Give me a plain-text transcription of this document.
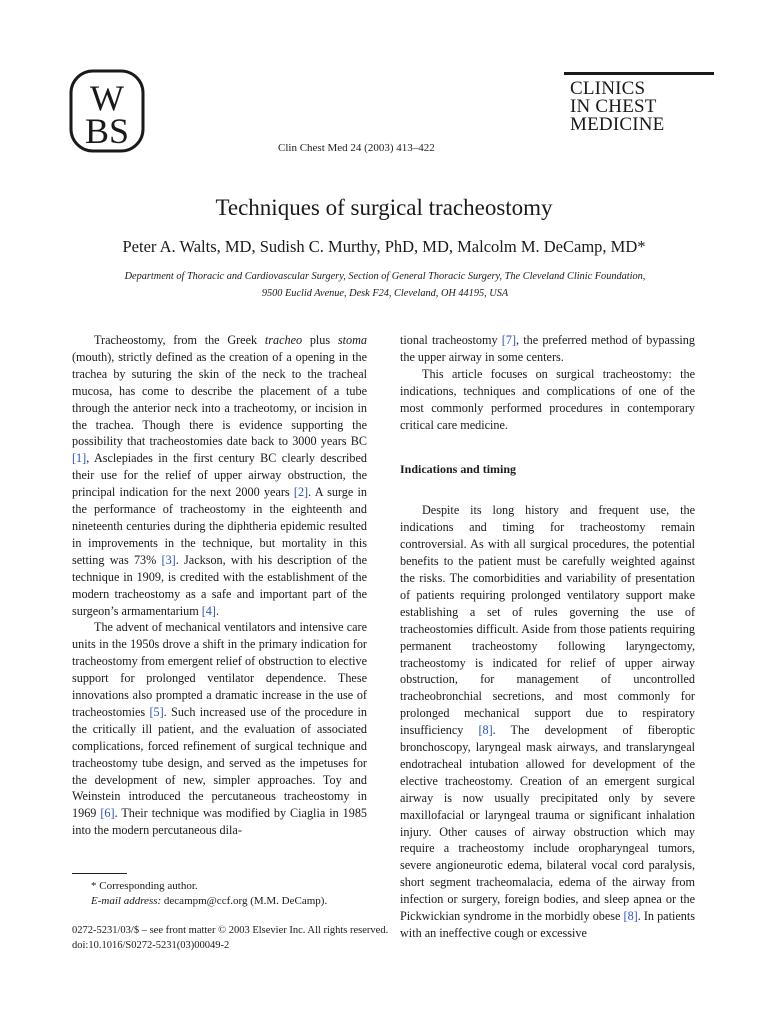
W
BS
CLINICS
IN CHEST
MEDICINE
Clin Chest Med 24 (2003) 413–422
Techniques of surgical tracheostomy
Peter A. Walts, MD, Sudish C. Murthy, PhD, MD, Malcolm M. DeCamp, MD*
Department of Thoracic and Cardiovascular Surgery, Section of General Thoracic Surgery, The Cleveland Clinic Foundation,
9500 Euclid Avenue, Desk F24, Cleveland, OH 44195, USA

Tracheostomy, from the Greek tracheo plus stoma (mouth), strictly defined as the creation of a opening in the trachea by suturing the skin of the neck to the tracheal mucosa, has come to describe the placement of a tube through the anterior neck into a tracheotomy, or incision in the trachea. Though there is evidence supporting the possibility that tracheostomies date back to 3000 years BC [1], Asclepiades in the first century BC clearly described their use for the relief of upper airway obstruction, the principal indication for the next 2000 years [2]. A surge in the performance of tracheostomy in the eighteenth and nineteenth centuries during the diphtheria epidemic resulted in improvements in the technique, but mortality in this setting was 73% [3]. Jackson, with his description of the technique in 1909, is credited with the establishment of the modern tracheostomy as a safe and important part of the surgeon’s armamentarium [4].

The advent of mechanical ventilators and intensive care units in the 1950s drove a shift in the primary indication for tracheostomy from emergent relief of obstruction to elective support for prolonged ventilator dependence. These innovations also prompted a dramatic increase in the use of tracheostomies [5]. Such increased use of the procedure in the critically ill patient, and the evaluation of associated complications, forced refinement of surgical technique and tracheostomy tube design, and served as the impetuses for the development of new, simpler approaches. Toy and Weinstein introduced the percutaneous tracheostomy in 1969 [6]. Their technique was modified by Ciaglia in 1985 into the modern percutaneous dila-

tional tracheostomy [7], the preferred method of bypassing the upper airway in some centers.

This article focuses on surgical tracheostomy: the indications, techniques and complications of one of the most commonly performed procedures in contemporary critical care medicine.

Indications and timing

Despite its long history and frequent use, the indications and timing for tracheostomy remain controversial. As with all surgical procedures, the potential benefits to the patient must be carefully weighted against the risks. The comorbidities and variability of presentation of patients requiring prolonged ventilatory support make establishing a set of rules governing the use of tracheostomies difficult. Aside from those patients requiring permanent tracheostomy following laryngectomy, tracheostomy is indicated for relief of upper airway obstruction, for management of uncontrolled tracheobronchial secretions, and most commonly for prolonged mechanical support due to respiratory insufficiency [8]. The development of fiberoptic bronchoscopy, laryngeal mask airways, and translaryngeal endotracheal intubation allowed for development of the elective tracheostomy. Creation of an emergent surgical airway is now usually precipitated only by severe maxillofacial or laryngeal trauma or significant inhalation injury. Other causes of airway obstruction which may require a tracheostomy include oropharyngeal tumors, severe angioneurotic edema, bilateral vocal cord paralysis, short segment tracheomalacia, edema of the airway from infection or surgery, foreign bodies, and sleep apnea or the Pickwickian syndrome in the morbidly obese [8]. In patients with an ineffective cough or excessive

* Corresponding author.
E-mail address: decampm@ccf.org (M.M. DeCamp).
0272-5231/03/$ – see front matter © 2003 Elsevier Inc. All rights reserved.
doi:10.1016/S0272-5231(03)00049-2
